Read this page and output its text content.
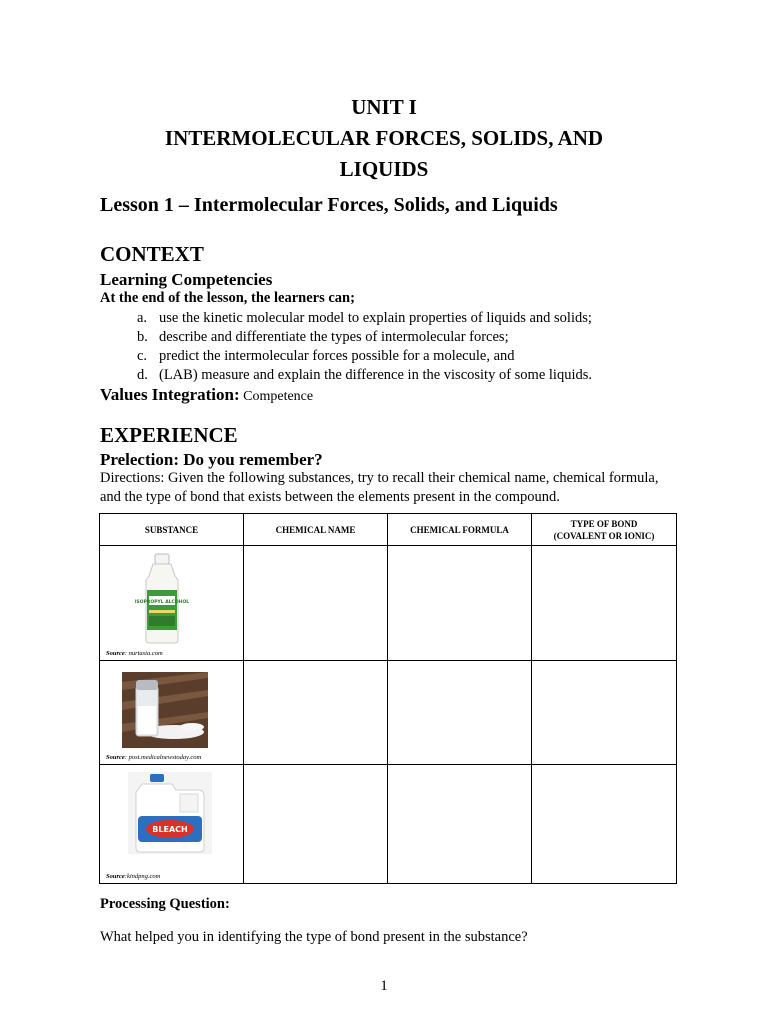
UNIT I
INTERMOLECULAR FORCES, SOLIDS, AND
LIQUIDS
Lesson 1 – Intermolecular Forces, Solids, and Liquids
CONTEXT
Learning Competencies
At the end of the lesson, the learners can;
a. use the kinetic molecular model to explain properties of liquids and solids;
b. describe and differentiate the types of intermolecular forces;
c. predict the intermolecular forces possible for a molecule, and
d. (LAB) measure and explain the difference in the viscosity of some liquids.
Values Integration: Competence
EXPERIENCE
Prelection: Do you remember?
Directions: Given the following substances, try to recall their chemical name, chemical formula, and the type of bond that exists between the elements present in the compound.
SUBSTANCE	CHEMICAL NAME	CHEMICAL FORMULA	TYPE OF BOND
(COVALENT OR IONIC)

ISOPROPYL ALCOHOL
Source: nurtasia.com			

Source: post.medicalnewstoday.com			

BLEACH
Source:kindpng.com			

Processing Question:
What helped you in identifying the type of bond present in the substance?
1
